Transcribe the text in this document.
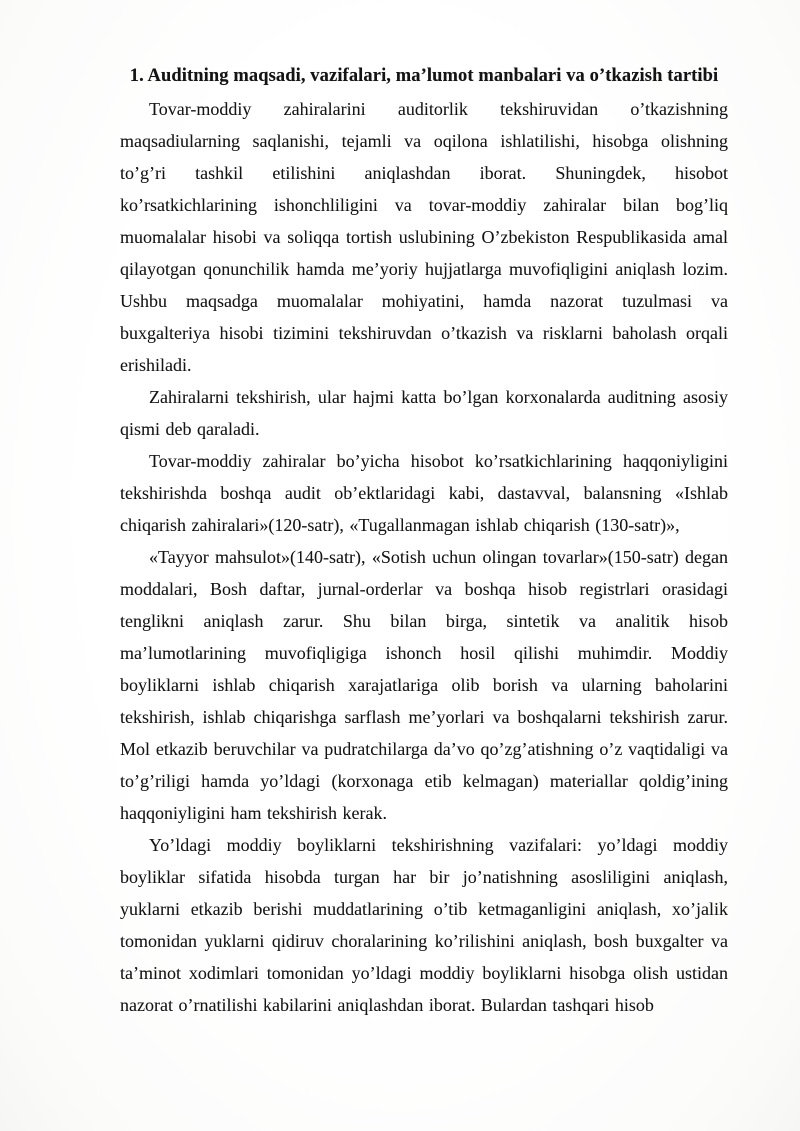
1. Auditning maqsadi, vazifalari, ma’lumot manbalari va o’tkazish tartibi

Tovar-moddiy zahiralarini auditorlik tekshiruvidan o’tkazishning maqsadiularning saqlanishi, tejamli va oqilona ishlatilishi, hisobga olishning to’g’ri tashkil etilishini aniqlashdan iborat. Shuningdek, hisobot ko’rsatkichlarining ishonchliligini va tovar-moddiy zahiralar bilan bog’liq muomalalar hisobi va soliqqa tortish uslubining O’zbekiston Respublikasida amal qilayotgan qonunchilik hamda me’yoriy hujjatlarga muvofiqligini aniqlash lozim. Ushbu maqsadga muomalalar mohiyatini, hamda nazorat tuzulmasi va buxgalteriya hisobi tizimini tekshiruvdan o’tkazish va risklarni baholash orqali erishiladi.

Zahiralarni tekshirish, ular hajmi katta bo’lgan korxonalarda auditning asosiy qismi deb qaraladi.

Tovar-moddiy zahiralar bo’yicha hisobot ko’rsatkichlarining haqqoniyligini tekshirishda boshqa audit ob’ektlaridagi kabi, dastavval, balansning «Ishlab chiqarish zahiralari»(120-satr), «Tugallanmagan ishlab chiqarish (130-satr)»,

«Tayyor mahsulot»(140-satr), «Sotish uchun olingan tovarlar»(150-satr) degan moddalari, Bosh daftar, jurnal-orderlar va boshqa hisob registrlari orasidagi tenglikni aniqlash zarur. Shu bilan birga, sintetik va analitik hisob ma’lumotlarining muvofiqligiga ishonch hosil qilishi muhimdir. Moddiy boyliklarni ishlab chiqarish xarajatlariga olib borish va ularning baholarini tekshirish, ishlab chiqarishga sarflash me’yorlari va boshqalarni tekshirish zarur. Mol etkazib beruvchilar va pudratchilarga da’vo qo’zg’atishning o’z vaqtidaligi va to’g’riligi hamda yo’ldagi (korxonaga etib kelmagan) materiallar qoldig’ining haqqoniyligini ham tekshirish kerak.

Yo’ldagi moddiy boyliklarni tekshirishning vazifalari: yo’ldagi moddiy boyliklar sifatida hisobda turgan har bir jo’natishning asosliligini aniqlash, yuklarni etkazib berishi muddatlarining o’tib ketmaganligini aniqlash, xo’jalik tomonidan yuklarni qidiruv choralarining ko’rilishini aniqlash, bosh buxgalter va ta’minot xodimlari tomonidan yo’ldagi moddiy boyliklarni hisobga olish ustidan nazorat o’rnatilishi kabilarini aniqlashdan iborat. Bulardan tashqari hisob
